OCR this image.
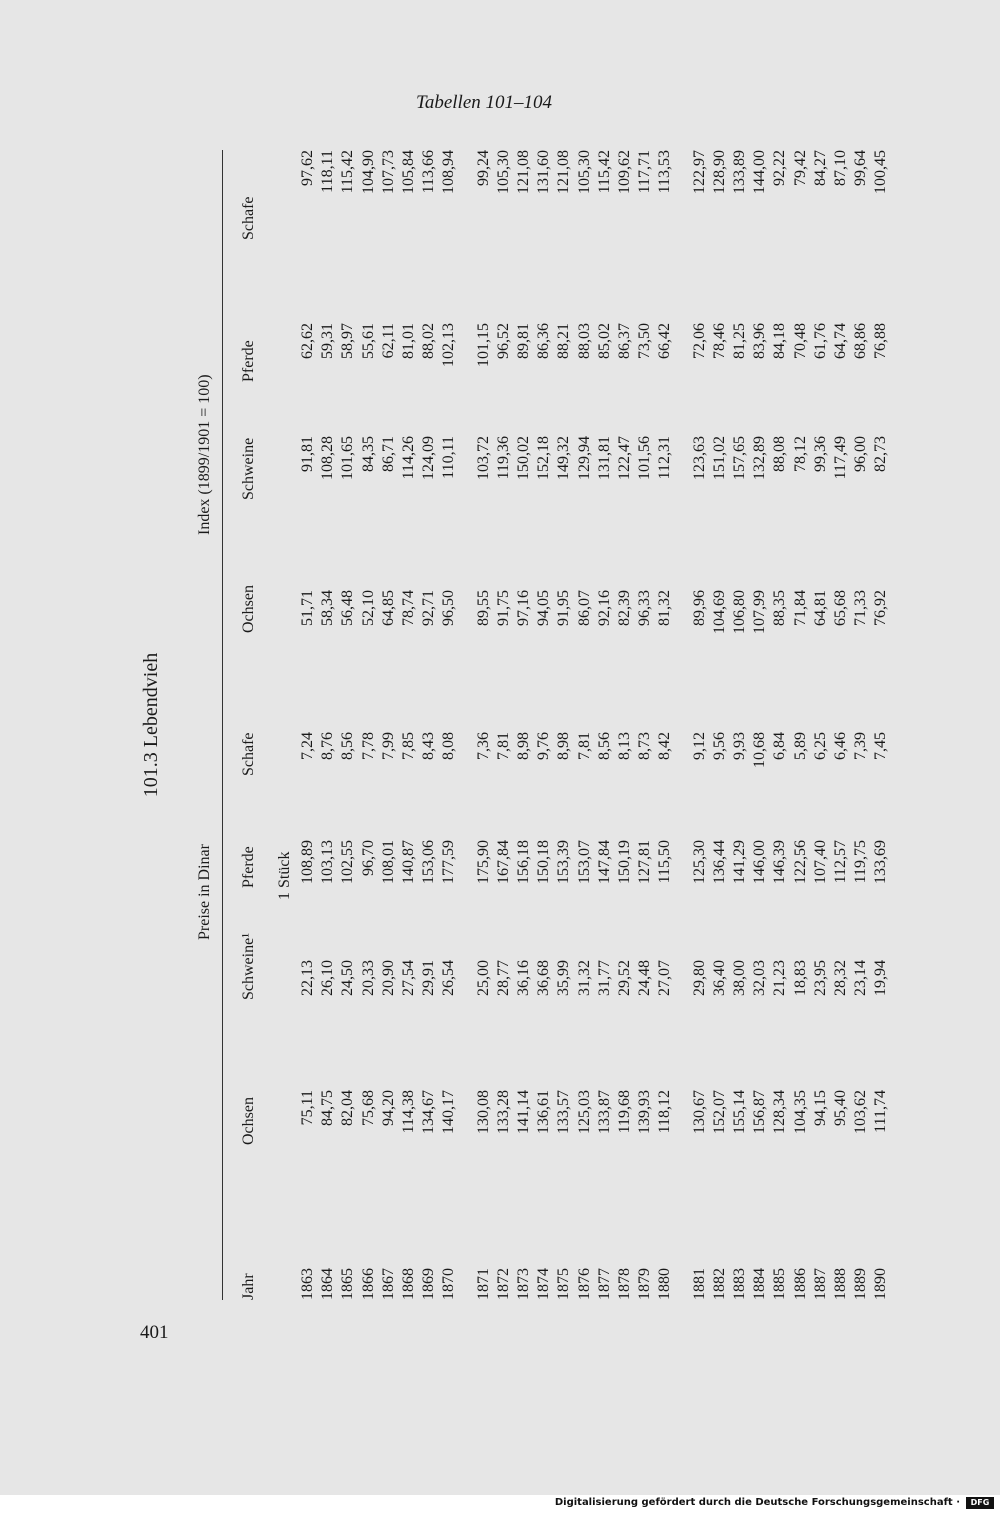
Tabellen 101–104
401
101.3 Lebendvieh
Jahr
Preise in Dinar	1 Stück
Index (1899/1901 = 100)
Ochsen
Schweine¹
Pferde
Schafe
Ochsen
Schweine
Pferde
Schafe
1863
75,11
22,13
108,89
7,24
51,71
91,81
62,62
97,62
1864
84,75
26,10
103,13
8,76
58,34
108,28
59,31
118,11
1865
82,04
24,50
102,55
8,56
56,48
101,65
58,97
115,42
1866
75,68
20,33
96,70
7,78
52,10
84,35
55,61
104,90
1867
94,20
20,90
108,01
7,99
64,85
86,71
62,11
107,73
1868
114,38
27,54
140,87
7,85
78,74
114,26
81,01
105,84
1869
134,67
29,91
153,06
8,43
92,71
124,09
88,02
113,66
1870
140,17
26,54
177,59
8,08
96,50
110,11
102,13
108,94
1871
130,08
25,00
175,90
7,36
89,55
103,72
101,15
99,24
1872
133,28
28,77
167,84
7,81
91,75
119,36
96,52
105,30
1873
141,14
36,16
156,18
8,98
97,16
150,02
89,81
121,08
1874
136,61
36,68
150,18
9,76
94,05
152,18
86,36
131,60
1875
133,57
35,99
153,39
8,98
91,95
149,32
88,21
121,08
1876
125,03
31,32
153,07
7,81
86,07
129,94
88,03
105,30
1877
133,87
31,77
147,84
8,56
92,16
131,81
85,02
115,42
1878
119,68
29,52
150,19
8,13
82,39
122,47
86,37
109,62
1879
139,93
24,48
127,81
8,73
96,33
101,56
73,50
117,71
1880
118,12
27,07
115,50
8,42
81,32
112,31
66,42
113,53
1881
130,67
29,80
125,30
9,12
89,96
123,63
72,06
122,97
1882
152,07
36,40
136,44
9,56
104,69
151,02
78,46
128,90
1883
155,14
38,00
141,29
9,93
106,80
157,65
81,25
133,89
1884
156,87
32,03
146,00
10,68
107,99
132,89
83,96
144,00
1885
128,34
21,23
146,39
6,84
88,35
88,08
84,18
92,22
1886
104,35
18,83
122,56
5,89
71,84
78,12
70,48
79,42
1887
94,15
23,95
107,40
6,25
64,81
99,36
61,76
84,27
1888
95,40
28,32
112,57
6,46
65,68
117,49
64,74
87,10
1889
103,62
23,14
119,75
7,39
71,33
96,00
68,86
99,64
1890
111,74
19,94
133,69
7,45
76,92
82,73
76,88
100,45
Digitalisierung gefördert durch die Deutsche Forschungsgemeinschaft ·	DFG
